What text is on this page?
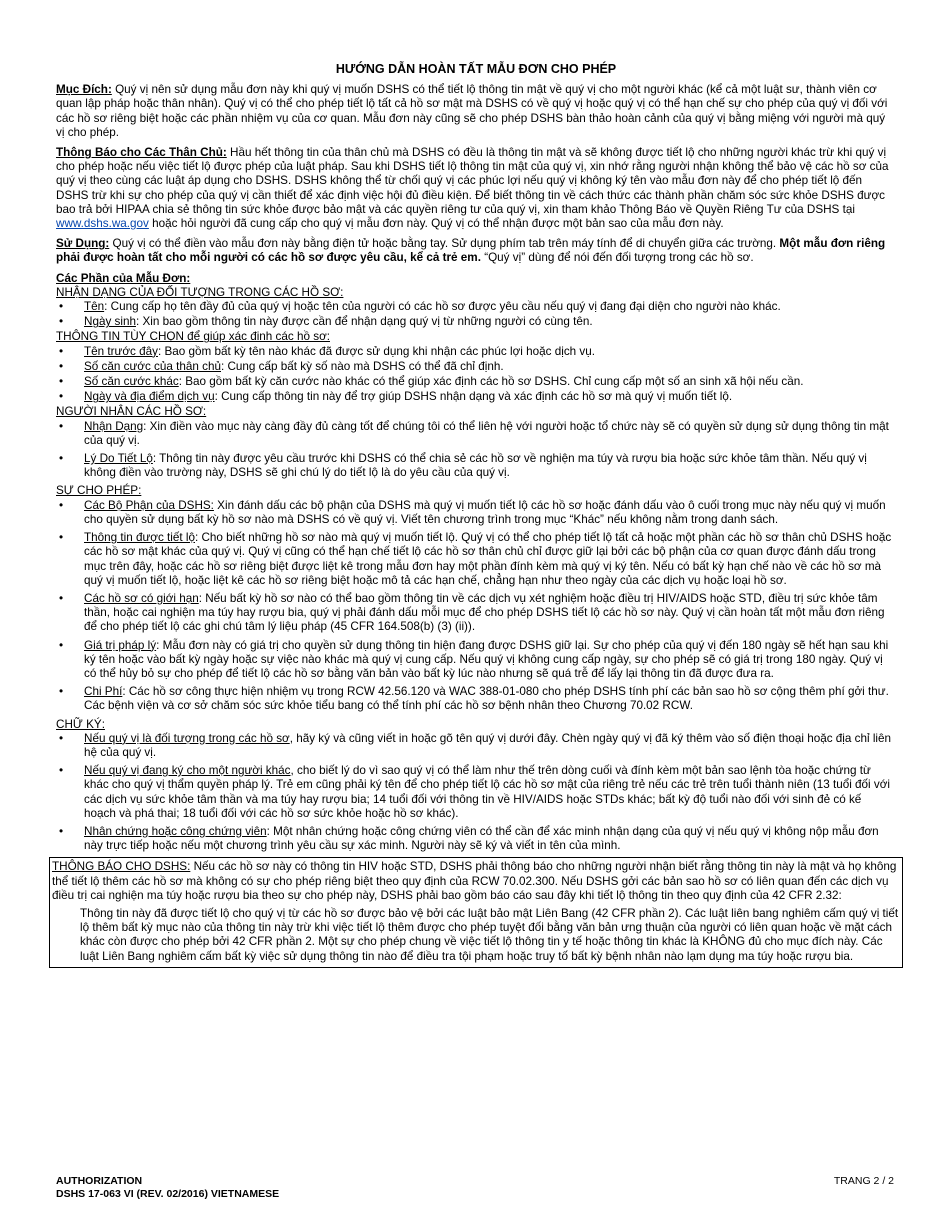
HƯỚNG DẪN HOÀN TẤT MẪU ĐƠN CHO PHÉP

Mục Đích: Quý vị nên sử dụng mẫu đơn này khi quý vị muốn DSHS có thể tiết lộ thông tin mật về quý vị cho một người khác (kể cả một luật sư, thành viên cơ quan lập pháp hoặc thân nhân). Quý vị có thể cho phép tiết lộ tất cả hồ sơ mật mà DSHS có về quý vị hoặc quý vị có thể hạn chế sự cho phép của quý vị đối với các hồ sơ riêng biệt hoặc các phần nhiệm vụ của cơ quan. Mẫu đơn này cũng sẽ cho phép DSHS bàn thảo hoàn cảnh của quý vị bằng miệng với người mà quý vị cho phép.

Thông Báo cho Các Thân Chủ: Hầu hết thông tin của thân chủ mà DSHS có đều là thông tin mật và sẽ không được tiết lộ cho những người khác trừ khi quý vị cho phép hoặc nếu việc tiết lộ được phép của luật pháp. Sau khi DSHS tiết lộ thông tin mật của quý vị, xin nhớ rằng người nhận không thể bảo vệ các hồ sơ của quý vị theo cùng các luật áp dụng cho DSHS. DSHS không thể từ chối quý vị các phúc lợi nếu quý vị không ký tên vào mẫu đơn này để cho phép tiết lộ đến DSHS trừ khi sự cho phép của quý vị cần thiết để xác định việc hội đủ điều kiện. Để biết thông tin về cách thức các thành phần chăm sóc sức khỏe DSHS được bao trả bởi HIPAA chia sẻ thông tin sức khỏe được bảo mật và các quyền riêng tư của quý vị, xin tham khảo Thông Báo về Quyền Riêng Tư của DSHS tại www.dshs.wa.gov hoặc hỏi người đã cung cấp cho quý vị mẫu đơn này. Quý vị có thể nhận được một bản sao của mẫu đơn này.

Sử Dụng: Quý vị có thể điền vào mẫu đơn này bằng điện tử hoặc bằng tay. Sử dụng phím tab trên máy tính để di chuyển giữa các trường. Một mẫu đơn riêng phải được hoàn tất cho mỗi người có các hồ sơ được yêu cầu, kể cả trẻ em. “Quý vị” dùng để nói đến đối tượng trong các hồ sơ.

Các Phần của Mẫu Đơn:
NHẬN DẠNG CỦA ĐỐI TƯỢNG TRONG CÁC HỒ SƠ:
• Tên: Cung cấp họ tên đầy đủ của quý vị hoặc tên của người có các hồ sơ được yêu cầu nếu quý vị đang đại diện cho người nào khác.
• Ngày sinh: Xin bao gồm thông tin này được cần để nhận dạng quý vị từ những người có cùng tên.
THÔNG TIN TÙY CHỌN để giúp xác định các hồ sơ:
• Tên trước đây: Bao gồm bất kỳ tên nào khác đã được sử dụng khi nhận các phúc lợi hoặc dịch vụ.
• Số căn cước của thân chủ: Cung cấp bất kỳ số nào mà DSHS có thể đã chỉ định.
• Số căn cước khác: Bao gồm bất kỳ căn cước nào khác có thể giúp xác định các hồ sơ DSHS. Chỉ cung cấp một số an sinh xã hội nếu cần.
• Ngày và địa điểm dịch vụ: Cung cấp thông tin này để trợ giúp DSHS nhận dạng và xác định các hồ sơ mà quý vị muốn tiết lộ.
NGƯỜI NHẬN CÁC HỒ SƠ:
• Nhận Dạng: Xin điền vào mục này càng đầy đủ càng tốt để chúng tôi có thể liên hệ với người hoặc tổ chức này sẽ có quyền sử dụng sử dụng thông tin mật của quý vị.
• Lý Do Tiết Lộ: Thông tin này được yêu cầu trước khi DSHS có thể chia sẻ các hồ sơ về nghiện ma túy và rượu bia hoặc sức khỏe tâm thần. Nếu quý vị không điền vào trường này, DSHS sẽ ghi chú lý do tiết lộ là do yêu cầu của quý vị.
SỰ CHO PHÉP:
• Các Bộ Phận của DSHS: Xin đánh dấu các bộ phận của DSHS mà quý vị muốn tiết lộ các hồ sơ hoặc đánh dấu vào ô cuối trong mục này nếu quý vị muốn cho quyền sử dụng bất kỳ hồ sơ nào mà DSHS có về quý vị. Viết tên chương trình trong mục “Khác” nếu không nằm trong danh sách.
• Thông tin được tiết lộ: Cho biết những hồ sơ nào mà quý vị muốn tiết lộ. Quý vị có thể cho phép tiết lộ tất cả hoặc một phần các hồ sơ thân chủ DSHS hoặc các hồ sơ mật khác của quý vị. Quý vị cũng có thể hạn chế tiết lộ các hồ sơ thân chủ chỉ được giữ lại bởi các bộ phận của cơ quan được đánh dấu trong mục trên đây, hoặc các hồ sơ riêng biệt được liệt kê trong mẫu đơn hay một phần đính kèm mà quý vị ký tên. Nếu có bất kỳ hạn chế nào về các hồ sơ mà quý vị muốn tiết lộ, hoặc liệt kê các hồ sơ riêng biệt hoặc mô tả các hạn chế, chẳng hạn như theo ngày của các dịch vụ hoặc loại hồ sơ.
• Các hồ sơ có giới hạn: Nếu bất kỳ hồ sơ nào có thể bao gồm thông tin về các dịch vụ xét nghiệm hoặc điều trị HIV/AIDS hoặc STD, điều trị sức khỏe tâm thần, hoặc cai nghiện ma túy hay rượu bia, quý vị phải đánh dấu mỗi mục để cho phép DSHS tiết lộ các hồ sơ này. Quý vị cần hoàn tất một mẫu đơn riêng để cho phép tiết lộ các ghi chú tâm lý liệu pháp (45 CFR 164.508(b) (3) (ii)).
• Giá trị pháp lý: Mẫu đơn này có giá trị cho quyền sử dụng thông tin hiện đang được DSHS giữ lại. Sự cho phép của quý vị đến 180 ngày sẽ hết hạn sau khi ký tên hoặc vào bất kỳ ngày hoặc sự việc nào khác mà quý vị cung cấp. Nếu quý vị không cung cấp ngày, sự cho phép sẽ có giá trị trong 180 ngày. Quý vị có thể hủy bỏ sự cho phép để tiết lộ các hồ sơ bằng văn bản vào bất kỳ lúc nào nhưng sẽ quá trễ để lấy lại thông tin đã được đưa ra.
• Chi Phí: Các hồ sơ công thực hiện nhiệm vụ trong RCW 42.56.120 và WAC 388-01-080 cho phép DSHS tính phí các bản sao hồ sơ cộng thêm phí gởi thư. Các bệnh viện và cơ sở chăm sóc sức khỏe tiểu bang có thể tính phí các hồ sơ bệnh nhân theo Chương 70.02 RCW.
CHỮ KÝ:
• Nếu quý vị là đối tượng trong các hồ sơ, hãy ký và cũng viết in hoặc gõ tên quý vị dưới đây. Chèn ngày quý vị đã ký thêm vào số điện thoại hoặc địa chỉ liên hệ của quý vị.
• Nếu quý vị đang ký cho một người khác, cho biết lý do vì sao quý vị có thể làm như thế trên dòng cuối và đính kèm một bản sao lệnh tòa hoặc chứng từ khác cho quý vị thẩm quyền pháp lý. Trẻ em cũng phải ký tên để cho phép tiết lộ các hồ sơ mật của riêng trẻ nếu các trẻ trên tuổi thành niên (13 tuổi đối với các dịch vụ sức khỏe tâm thần và ma túy hay rượu bia; 14 tuổi đối với thông tin về HIV/AIDS hoặc STDs khác; bất kỳ độ tuổi nào đối với sinh đẻ có kế hoạch và phá thai; 18 tuổi đối với các hồ sơ sức khỏe hoặc hồ sơ khác).
• Nhân chứng hoặc công chứng viên: Một nhân chứng hoặc công chứng viên có thể cần để xác minh nhận dạng của quý vị nếu quý vị không nộp mẫu đơn này trực tiếp hoặc nếu một chương trình yêu cầu sự xác minh. Người này sẽ ký và viết in tên của mình.
THÔNG BÁO CHO DSHS: Nếu các hồ sơ này có thông tin HIV hoặc STD, DSHS phải thông báo cho những người nhận biết rằng thông tin này là mật và họ không thể tiết lộ thêm các hồ sơ mà không có sự cho phép riêng biệt theo quy định của RCW 70.02.300. Nếu DSHS gởi các bản sao hồ sơ có liên quan đến các dịch vụ điều trị cai nghiện ma túy hoặc rượu bia theo sự cho phép này, DSHS phải bao gồm báo cáo sau đây khi tiết lộ thông tin theo quy định của 42 CFR 2.32:
Thông tin này đã được tiết lộ cho quý vị từ các hồ sơ được bảo vệ bởi các luật bảo mật Liên Bang (42 CFR phần 2). Các luật liên bang nghiêm cấm quý vị tiết lộ thêm bất kỳ mục nào của thông tin này trừ khi việc tiết lộ thêm được cho phép tuyệt đối bằng văn bản ưng thuận của người có liên quan hoặc về mặt cách khác còn được cho phép bởi 42 CFR phần 2. Một sự cho phép chung về việc tiết lộ thông tin y tế hoặc thông tin khác là KHÔNG đủ cho mục đích này. Các luật Liên Bang nghiêm cấm bất kỳ việc sử dụng thông tin nào để điều tra tội phạm hoặc truy tố bất kỳ bệnh nhân nào lạm dụng ma túy hoặc rượu bia.
AUTHORIZATION
DSHS 17-063 VI (REV. 02/2016) VIETNAMESE
TRANG 2 / 2
